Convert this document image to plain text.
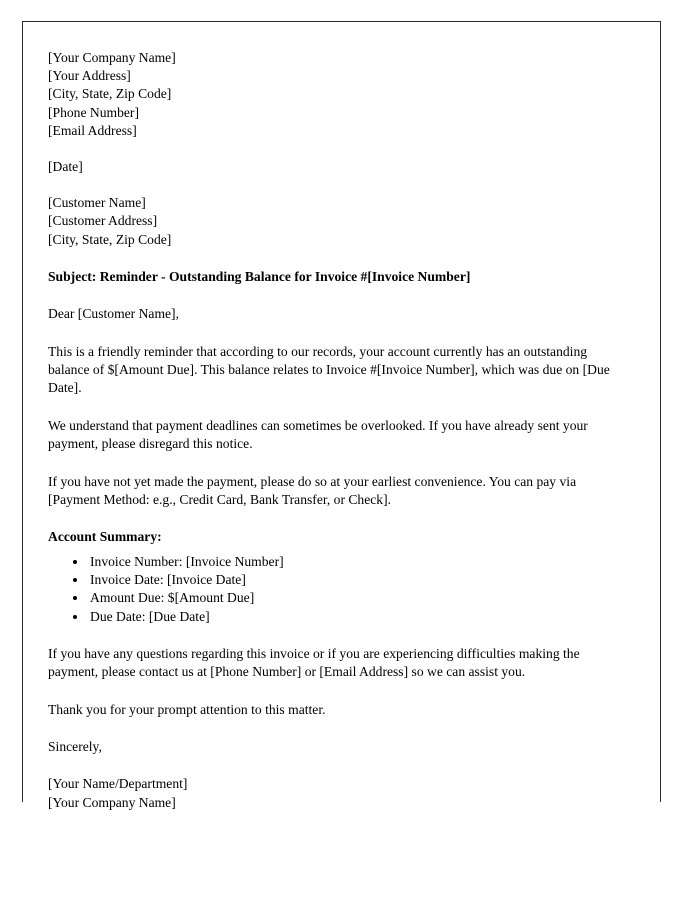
[Your Company Name]
[Your Address]
[City, State, Zip Code]
[Phone Number]
[Email Address]
[Date]
[Customer Name]
[Customer Address]
[City, State, Zip Code]

Subject: Reminder - Outstanding Balance for Invoice #[Invoice Number]

Dear [Customer Name],

This is a friendly reminder that according to our records, your account currently has an outstanding balance of $[Amount Due]. This balance relates to Invoice #[Invoice Number], which was due on [Due Date].

We understand that payment deadlines can sometimes be overlooked. If you have already sent your payment, please disregard this notice.

If you have not yet made the payment, please do so at your earliest convenience. You can pay via [Payment Method: e.g., Credit Card, Bank Transfer, or Check].

Account Summary:

• Invoice Number: [Invoice Number]
• Invoice Date: [Invoice Date]
• Amount Due: $[Amount Due]
• Due Date: [Due Date]

If you have any questions regarding this invoice or if you are experiencing difficulties making the payment, please contact us at [Phone Number] or [Email Address] so we can assist you.

Thank you for your prompt attention to this matter.

Sincerely,

[Your Name/Department]
[Your Company Name]
